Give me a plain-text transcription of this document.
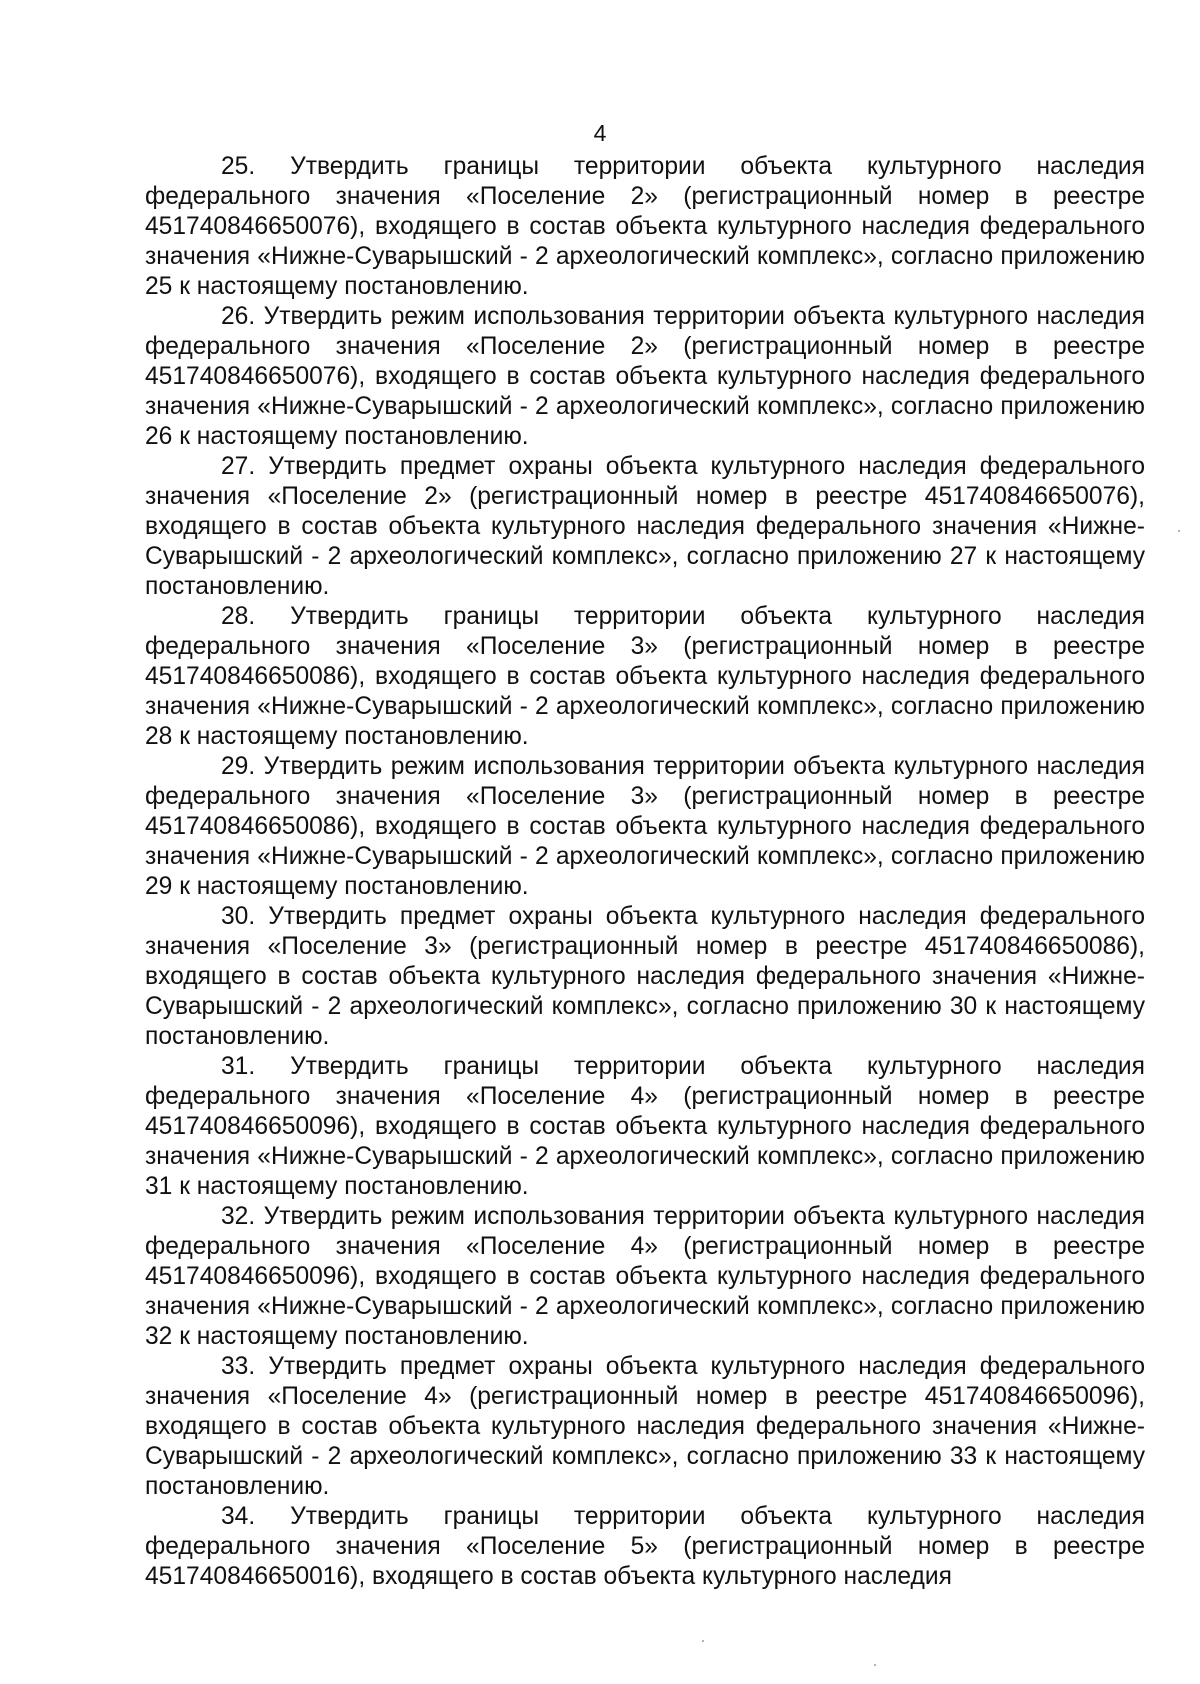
4

25. Утвердить границы территории объекта культурного наследия федерального значения «Поселение 2» (регистрационный номер в реестре 451740846650076), входящего в состав объекта культурного наследия федерального значения «Нижне-Суварышский - 2 археологический комплекс», согласно приложению 25 к настоящему постановлению.

26. Утвердить режим использования территории объекта культурного наследия федерального значения «Поселение 2» (регистрационный номер в реестре 451740846650076), входящего в состав объекта культурного наследия федерального значения «Нижне-Суварышский - 2 археологический комплекс», согласно приложению 26 к настоящему постановлению.

27. Утвердить предмет охраны объекта культурного наследия федерального значения «Поселение 2» (регистрационный номер в реестре 451740846650076), входящего в состав объекта культурного наследия федерального значения «Нижне-Суварышский - 2 археологический комплекс», согласно приложению 27 к настоящему постановлению.

28. Утвердить границы территории объекта культурного наследия федерального значения «Поселение 3» (регистрационный номер в реестре 451740846650086), входящего в состав объекта культурного наследия федерального значения «Нижне-Суварышский - 2 археологический комплекс», согласно приложению 28 к настоящему постановлению.

29. Утвердить режим использования территории объекта культурного наследия федерального значения «Поселение 3» (регистрационный номер в реестре 451740846650086), входящего в состав объекта культурного наследия федерального значения «Нижне-Суварышский - 2 археологический комплекс», согласно приложению 29 к настоящему постановлению.

30. Утвердить предмет охраны объекта культурного наследия федерального значения «Поселение 3» (регистрационный номер в реестре 451740846650086), входящего в состав объекта культурного наследия федерального значения «Нижне-Суварышский - 2 археологический комплекс», согласно приложению 30 к настоящему постановлению.

31. Утвердить границы территории объекта культурного наследия федерального значения «Поселение 4» (регистрационный номер в реестре 451740846650096), входящего в состав объекта культурного наследия федерального значения «Нижне-Суварышский - 2 археологический комплекс», согласно приложению 31 к настоящему постановлению.

32. Утвердить режим использования территории объекта культурного наследия федерального значения «Поселение 4» (регистрационный номер в реестре 451740846650096), входящего в состав объекта культурного наследия федерального значения «Нижне-Суварышский - 2 археологический комплекс», согласно приложению 32 к настоящему постановлению.

33. Утвердить предмет охраны объекта культурного наследия федерального значения «Поселение 4» (регистрационный номер в реестре 451740846650096), входящего в состав объекта культурного наследия федерального значения «Нижне-Суварышский - 2 археологический комплекс», согласно приложению 33 к настоящему постановлению.

34. Утвердить границы территории объекта культурного наследия федерального значения «Поселение 5» (регистрационный номер в реестре 451740846650016), входящего в состав объекта культурного наследия
